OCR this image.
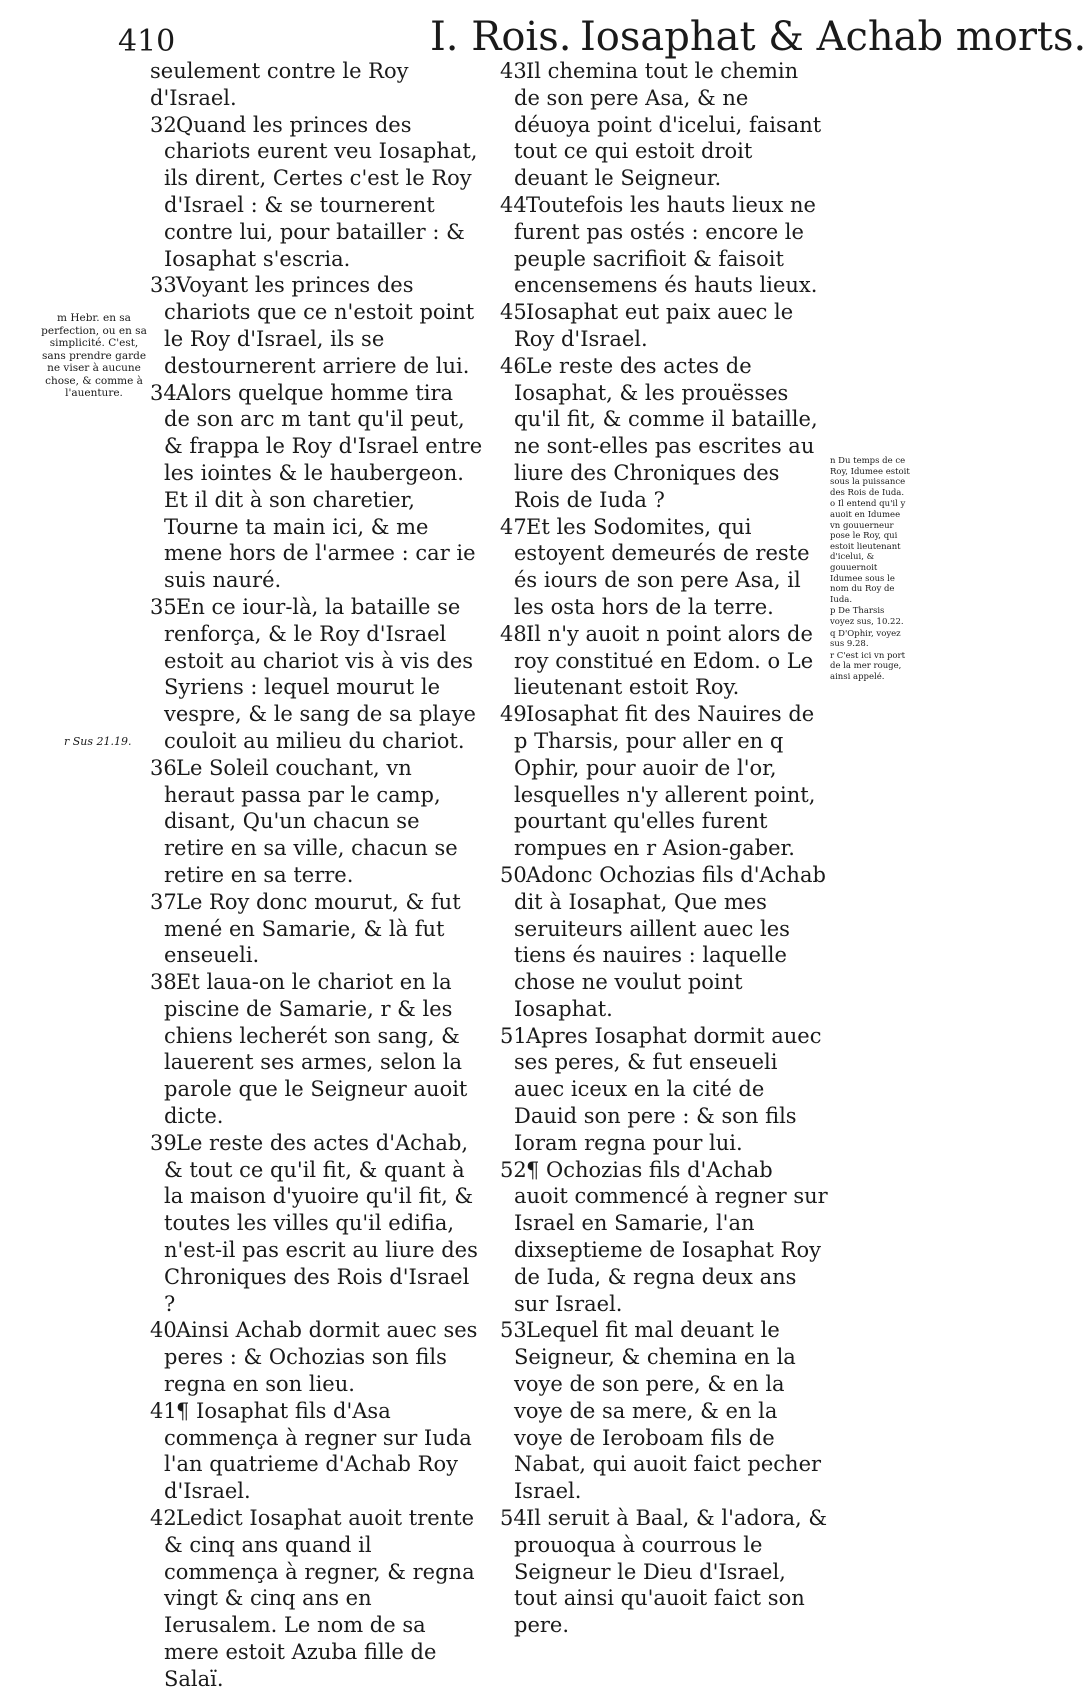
410	I. Rois. Iosaphat & Achab morts.
m Hebr. en sa perfection, ou en sa simplicité. C'est, sans prendre garde ne viser à aucune chose, & comme à l'auenture.
r Sus 21.19.

seulement contre le Roy d'Israel.

32Quand les princes des chariots eurent veu Iosaphat, ils dirent, Certes c'est le Roy d'Israel : & se tournerent contre lui, pour batailler : & Iosaphat s'escria.

33Voyant les princes des chariots que ce n'estoit point le Roy d'Israel, ils se destournerent arriere de lui.

34Alors quelque homme tira de son arc m tant qu'il peut, & frappa le Roy d'Israel entre les iointes & le haubergeon. Et il dit à son charetier, Tourne ta main ici, & me mene hors de l'armee : car ie suis nauré.

35En ce iour-là, la bataille se renforça, & le Roy d'Israel estoit au chariot vis à vis des Syriens : lequel mourut le vespre, & le sang de sa playe couloit au milieu du chariot.

36Le Soleil couchant, vn heraut passa par le camp, disant, Qu'un chacun se retire en sa ville, chacun se retire en sa terre.

37Le Roy donc mourut, & fut mené en Samarie, & là fut enseueli.

38Et laua-on le chariot en la piscine de Samarie, r & les chiens lecherét son sang, & lauerent ses armes, selon la parole que le Seigneur auoit dicte.

39Le reste des actes d'Achab, & tout ce qu'il fit, & quant à la maison d'yuoire qu'il fit, & toutes les villes qu'il edifia, n'est-il pas escrit au liure des Chroniques des Rois d'Israel ?

40Ainsi Achab dormit auec ses peres : & Ochozias son fils regna en son lieu.

41¶ Iosaphat fils d'Asa commença à regner sur Iuda l'an quatrieme d'Achab Roy d'Israel.

42Ledict Iosaphat auoit trente & cinq ans quand il commença à regner, & regna vingt & cinq ans en Ierusalem. Le nom de sa mere estoit Azuba fille de Salaï.

43Il chemina tout le chemin de son pere Asa, & ne déuoya point d'icelui, faisant tout ce qui estoit droit deuant le Seigneur.

44Toutefois les hauts lieux ne furent pas ostés : encore le peuple sacrifioit & faisoit encensemens és hauts lieux.

45Iosaphat eut paix auec le Roy d'Israel.

46Le reste des actes de Iosaphat, & les prouësses qu'il fit, & comme il bataille, ne sont-elles pas escrites au liure des Chroniques des Rois de Iuda ?

47Et les Sodomites, qui estoyent demeurés de reste és iours de son pere Asa, il les osta hors de la terre.

48Il n'y auoit n point alors de roy constitué en Edom. o Le lieutenant estoit Roy.

49Iosaphat fit des Nauires de p Tharsis, pour aller en q Ophir, pour auoir de l'or, lesquelles n'y allerent point, pourtant qu'elles furent rompues en r Asion-gaber.

50Adonc Ochozias fils d'Achab dit à Iosaphat, Que mes seruiteurs aillent auec les tiens és nauires : laquelle chose ne voulut point Iosaphat.

51Apres Iosaphat dormit auec ses peres, & fut enseueli auec iceux en la cité de Dauid son pere : & son fils Ioram regna pour lui.

52¶ Ochozias fils d'Achab auoit commencé à regner sur Israel en Samarie, l'an dixseptieme de Iosaphat Roy de Iuda, & regna deux ans sur Israel.

53Lequel fit mal deuant le Seigneur, & chemina en la voye de son pere, & en la voye de sa mere, & en la voye de Ieroboam fils de Nabat, qui auoit faict pecher Israel.

54Il seruit à Baal, & l'adora, & prouoqua à courrous le Seigneur le Dieu d'Israel, tout ainsi qu'auoit faict son pere.

n Du temps de ce Roy, Idumee estoit sous la puissance des Rois de Iuda.

o Il entend qu'il y auoit en Idumee vn gouuerneur pose le Roy, qui estoit lieutenant d'icelui, & gouuernoit Idumee sous le nom du Roy de Iuda.

p De Tharsis voyez sus, 10.22.

q D'Ophir, voyez sus 9.28.

r C'est ici vn port de la mer rouge, ainsi appelé.
